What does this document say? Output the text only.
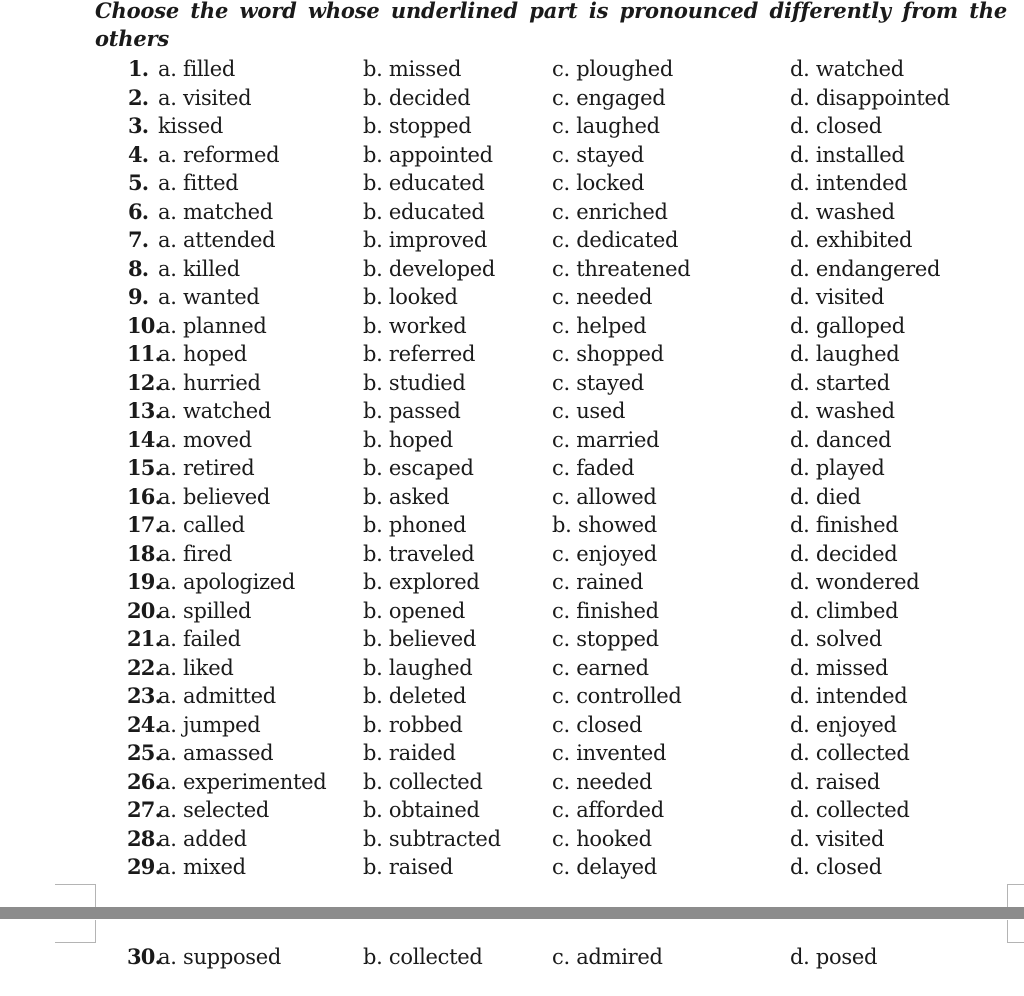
Choose the word whose underlined part is pronounced differently from the others
1. a. filled	b. missed	c. ploughed	d. watched
2. a. visited	b. decided	c. engaged	d. disappointed
3. kissed	b. stopped	c. laughed	d. closed
4. a. reformed	b. appointed	c. stayed	d. installed
5. a. fitted	b. educated	c. locked	d. intended
6. a. matched	b. educated	c. enriched	d. washed
7. a. attended	b. improved	c. dedicated	d. exhibited
8. a. killed	b. developed	c. threatened	d. endangered
9. a. wanted	b. looked	c. needed	d. visited
10.
a. planned	b. worked	c. helped	d. galloped
11.
a. hoped	b. referred	c. shopped	d. laughed
12.
a. hurried	b. studied	c. stayed	d. started
13.
a. watched	b. passed	c. used	d. washed
14.
a. moved	b. hoped	c. married	d. danced
15.
a. retired	b. escaped	c. faded	d. played
16.
a. believed	b. asked	c. allowed	d. died
17.
a. called	b. phoned	b. showed	d. finished
18.
a. fired	b. traveled	c. enjoyed	d. decided
19.
a. apologized	b. explored	c. rained	d. wondered
20.
a. spilled	b. opened	c. finished	d. climbed
21.
a. failed	b. believed	c. stopped	d. solved
22.
a. liked	b. laughed	c. earned	d. missed
23.
a. admitted	b. deleted	c. controlled	d. intended
24.
a. jumped	b. robbed	c. closed	d. enjoyed
25.
a. amassed	b. raided	c. invented	d. collected
26.
a. experimented b. collected	c. needed	d. raised
27.
a. selected	b. obtained	c. afforded	d. collected
28.
a. added	b. subtracted c. hooked	d. visited
29.
a. mixed	b. raised	c. delayed	d. closed
30.
a. supposed	b. collected	c. admired	d. posed
